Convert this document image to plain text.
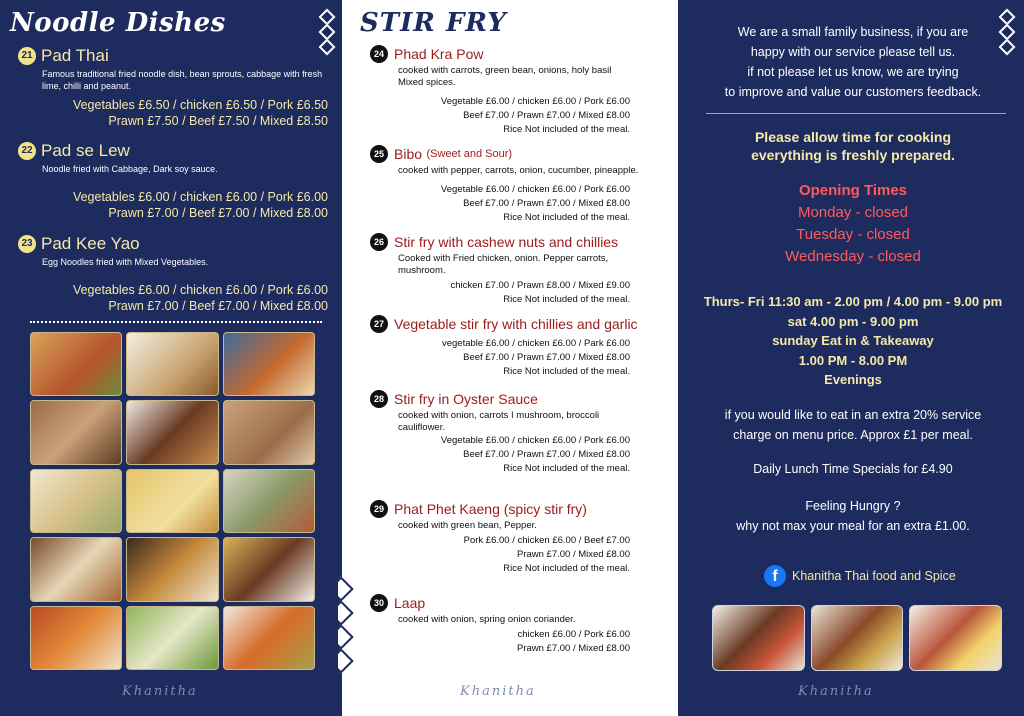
Noodle Dishes
21 Pad Thai
Famous traditional fried noodle dish, bean sprouts, cabbage with fresh lime, chilli and peanut.
Vegetables £6.50 / chicken £6.50 / Pork £6.50
Prawn £7.50 / Beef £7.50 / Mixed £8.50
22 Pad se Lew
Noodle fried with Cabbage, Dark soy sauce.
Vegetables £6.00 / chicken £6.00 / Pork £6.00
Prawn £7.00 / Beef £7.00 / Mixed £8.00
23 Pad Kee Yao
Egg Noodles fried with Mixed Vegetables.
Vegetables £6.00 / chicken £6.00 / Pork £6.00
Prawn £7.00 / Beef £7.00 / Mixed £8.00
Khanitha
STIR FRY
24 Phad Kra Pow
cooked with carrots, green bean, onions, holy basil Mixed spices.
Vegetable £6.00 / chicken £6.00 / Pork £6.00
Beef £7.00 / Prawn £7.00 / Mixed £8.00
Rice Not included of the meal.
25 Bibo (Sweet and Sour)
cooked with pepper, carrots, onion, cucumber, pineapple.
Vegetable £6.00 / chicken £6.00 / Pork £6.00
Beef £7.00 / Prawn £7.00 / Mixed £8.00
Rice Not included of the meal.
26 Stir fry with cashew nuts and chillies
Cooked with Fried chicken, onion. Pepper carrots, mushroom.
chicken £7.00 / Prawn £8.00 / Mixed £9.00
Rice Not included of the meal.
27 Vegetable stir fry with chillies and garlic
vegetable £6.00 / chicken £6.00 / Park £6.00
Beef £7.00 / Prawn £7.00 / Mixed £8.00
Rice Not included of the meal.
28 Stir fry in Oyster Sauce
cooked with onion, carrots I mushroom, broccoli cauliflower.
Vegetable £6.00 / chicken £6.00 / Pork £6.00
Beef £7.00 / Prawn £7.00 / Mixed £8.00
Rice Not included of the meal.
29 Phat Phet Kaeng (spicy stir fry)
cooked with green bean, Pepper.
Pork £6.00 / chicken £6.00 / Beef £7.00
Prawn £7.00 / Mixed £8.00
Rice Not included of the meal.
30 Laap
cooked with onion, spring onion coriander.
chicken £6.00 / Pork £6.00
Prawn £7.00 / Mixed £8.00
Khanitha
We are a small family business, if you are
happy with our service please tell us.
if not please let us know, we are trying
to improve and value our customers feedback.
Please allow time for cooking
everything is freshly prepared.
Opening Times
Monday - closed
Tuesday - closed
Wednesday - closed
Thurs- Fri 11:30 am - 2.00 pm / 4.00 pm - 9.00 pm
sat 4.00 pm - 9.00 pm
sunday Eat in & Takeaway
1.00 PM - 8.00 PM
Evenings
if you would like to eat in an extra 20% service
charge on menu price. Approx £1 per meal.
Daily Lunch Time Specials for £4.90
Feeling Hungry ?
why not max your meal for an extra £1.00.
f	Khanitha Thai food and Spice
Khanitha
